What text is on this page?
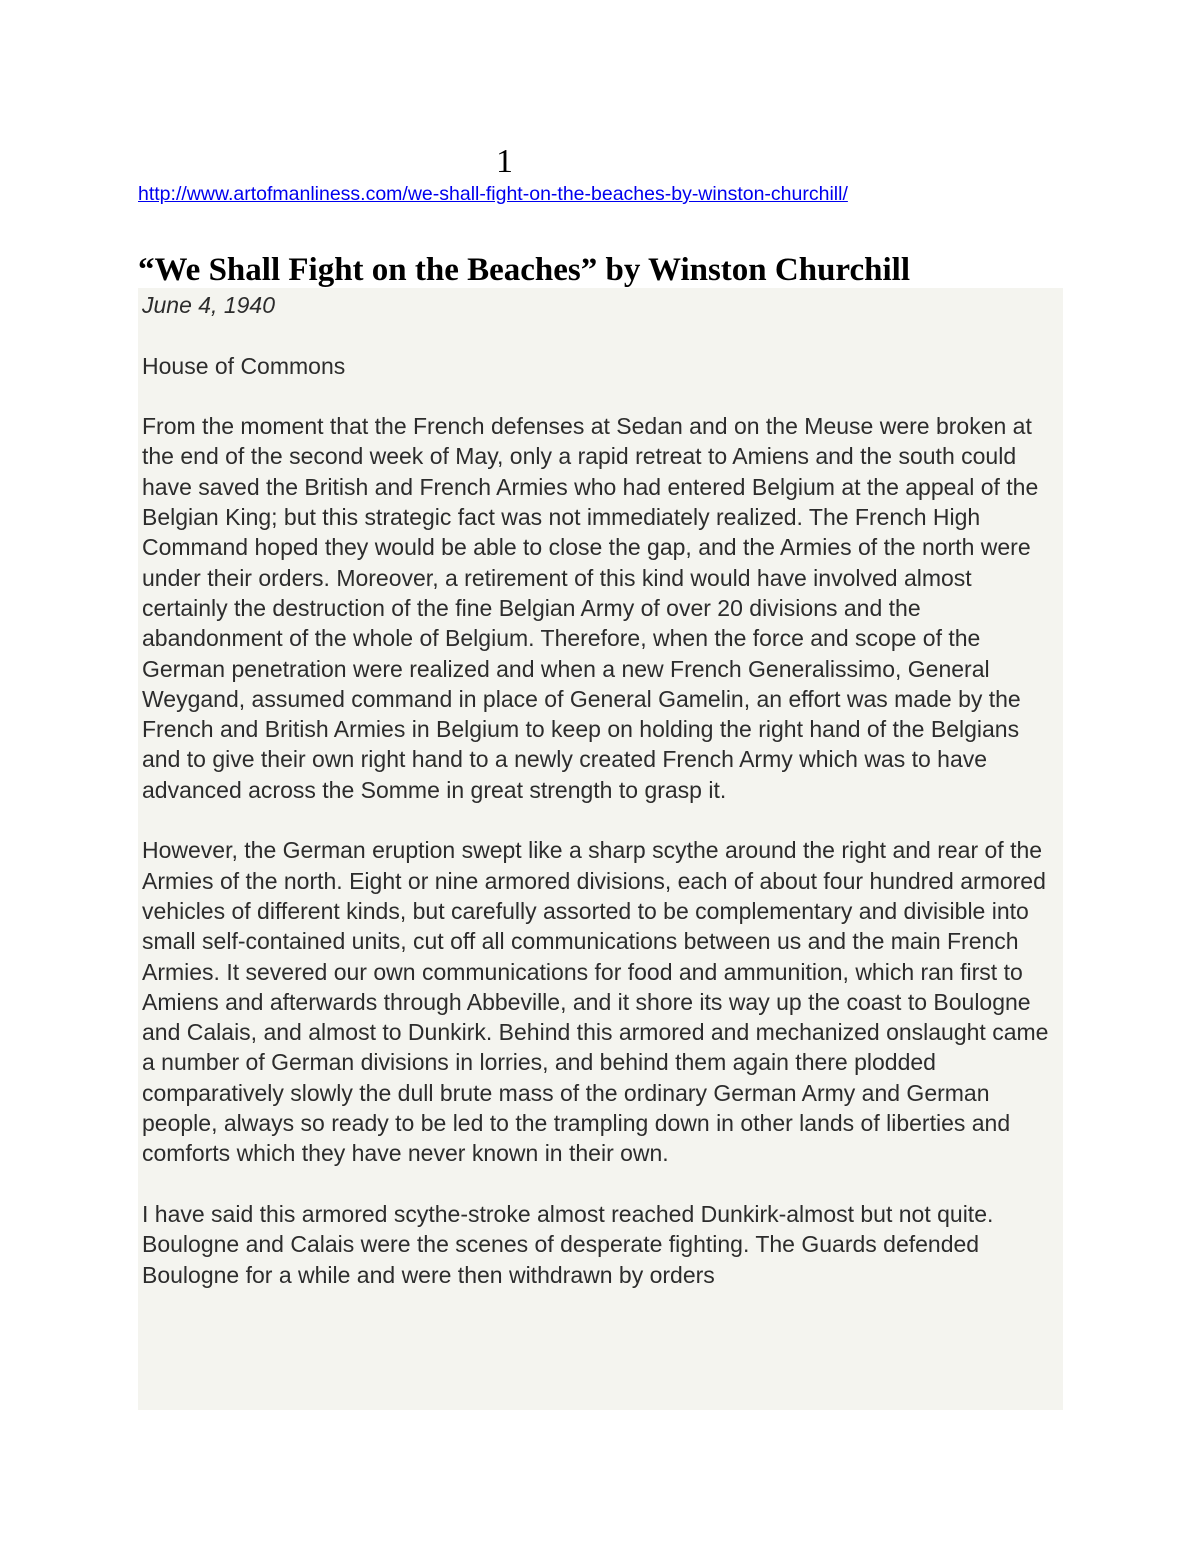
1
http://www.artofmanliness.com/we-shall-fight-on-the-beaches-by-winston-churchill/
“We Shall Fight on the Beaches” by Winston Churchill

June 4, 1940

House of Commons

From the moment that the French defenses at Sedan and on the Meuse were broken at the end of the second week of May, only a rapid retreat to Amiens and the south could have saved the British and French Armies who had entered Belgium at the appeal of the Belgian King; but this strategic fact was not immediately realized. The French High Command hoped they would be able to close the gap, and the Armies of the north were under their orders. Moreover, a retirement of this kind would have involved almost certainly the destruction of the fine Belgian Army of over 20 divisions and the abandonment of the whole of Belgium. Therefore, when the force and scope of the German penetration were realized and when a new French Generalissimo, General Weygand, assumed command in place of General Gamelin, an effort was made by the French and British Armies in Belgium to keep on holding the right hand of the Belgians and to give their own right hand to a newly created French Army which was to have advanced across the Somme in great strength to grasp it.

However, the German eruption swept like a sharp scythe around the right and rear of the Armies of the north. Eight or nine armored divisions, each of about four hundred armored vehicles of different kinds, but carefully assorted to be complementary and divisible into small self-contained units, cut off all communications between us and the main French Armies. It severed our own communications for food and ammunition, which ran first to Amiens and afterwards through Abbeville, and it shore its way up the coast to Boulogne and Calais, and almost to Dunkirk. Behind this armored and mechanized onslaught came a number of German divisions in lorries, and behind them again there plodded comparatively slowly the dull brute mass of the ordinary German Army and German people, always so ready to be led to the trampling down in other lands of liberties and comforts which they have never known in their own.

I have said this armored scythe-stroke almost reached Dunkirk-almost but not quite. Boulogne and Calais were the scenes of desperate fighting. The Guards defended Boulogne for a while and were then withdrawn by orders
